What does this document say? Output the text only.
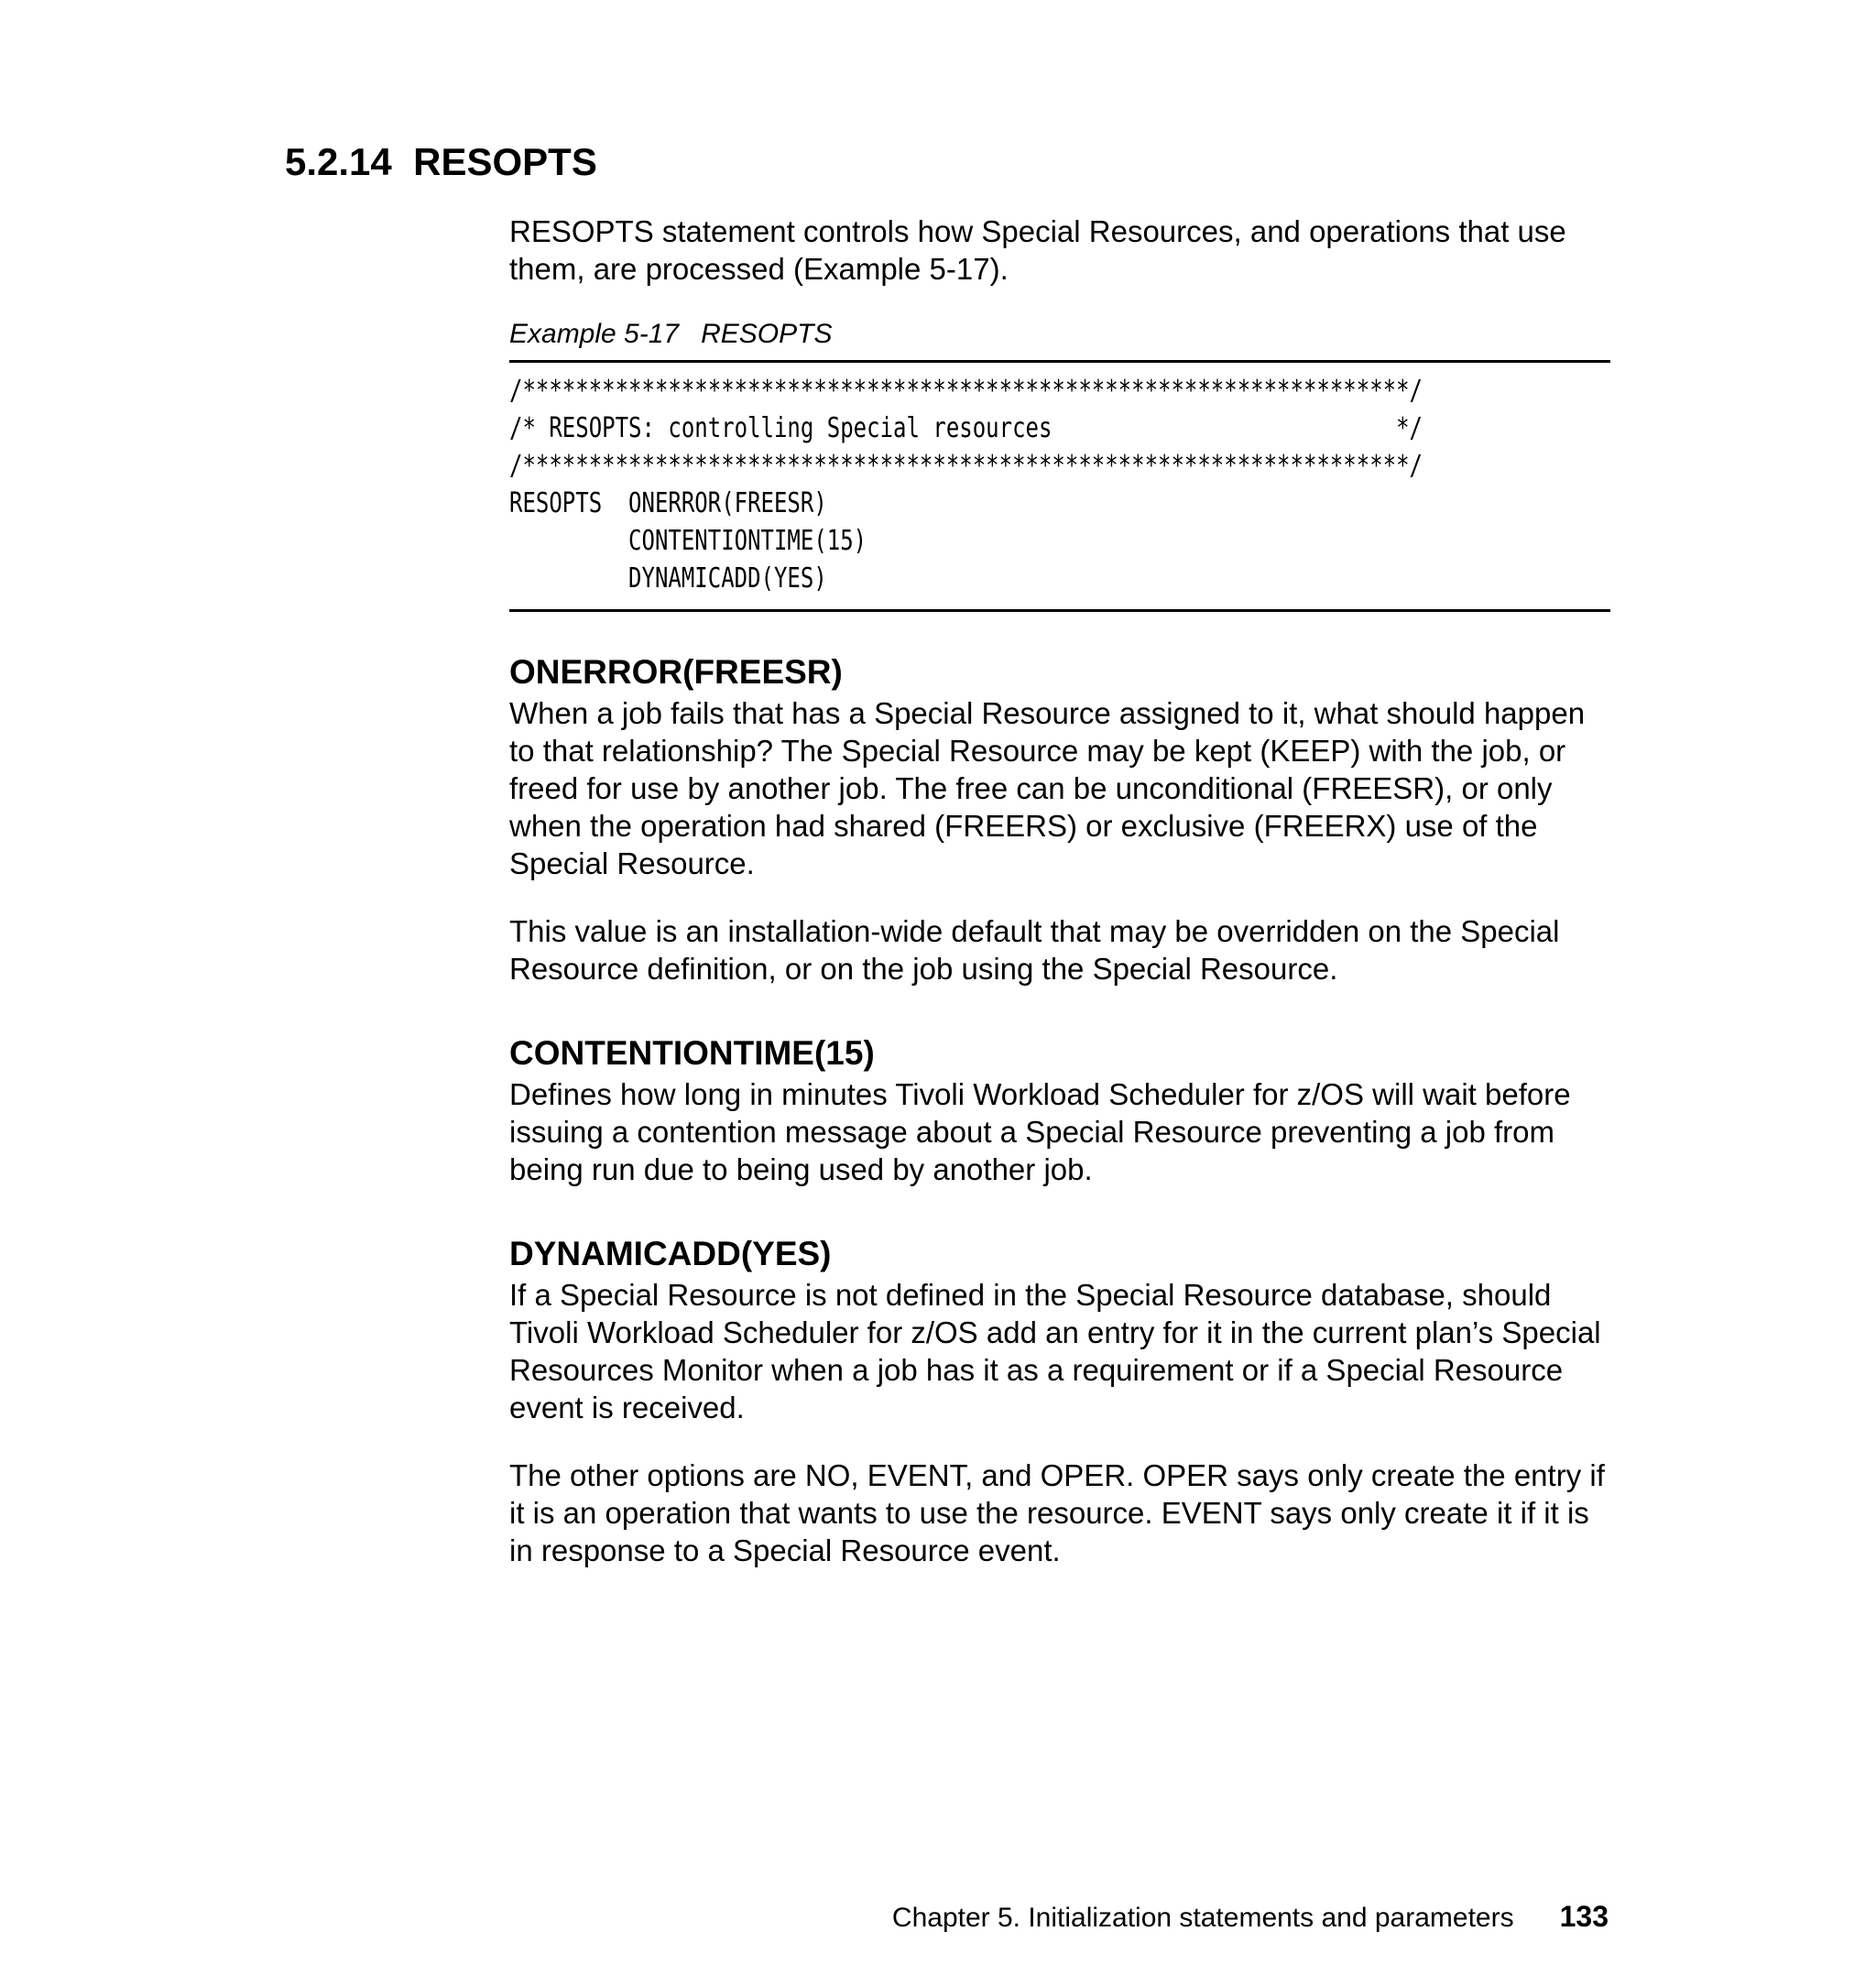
5.2.14 RESOPTS

RESOPTS statement controls how Special Resources, and operations that use them, are processed (Example 5-17).

Example 5-17 RESOPTS
/*******************************************************************/
/* RESOPTS: controlling Special resources                          */
/*******************************************************************/
RESOPTS  ONERROR(FREESR)
CONTENTIONTIME(15)
DYNAMICADD(YES)
ONERROR(FREESR)

When a job fails that has a Special Resource assigned to it, what should happen to that relationship? The Special Resource may be kept (KEEP) with the job, or freed for use by another job. The free can be unconditional (FREESR), or only when the operation had shared (FREERS) or exclusive (FREERX) use of the Special Resource.

This value is an installation-wide default that may be overridden on the Special Resource definition, or on the job using the Special Resource.

CONTENTIONTIME(15)

Defines how long in minutes Tivoli Workload Scheduler for z/OS will wait before issuing a contention message about a Special Resource preventing a job from being run due to being used by another job.

DYNAMICADD(YES)

If a Special Resource is not defined in the Special Resource database, should Tivoli Workload Scheduler for z/OS add an entry for it in the current plan’s Special Resources Monitor when a job has it as a requirement or if a Special Resource event is received.

The other options are NO, EVENT, and OPER. OPER says only create the entry if it is an operation that wants to use the resource. EVENT says only create it if it is in response to a Special Resource event.

Chapter 5. Initialization statements and parameters 133
